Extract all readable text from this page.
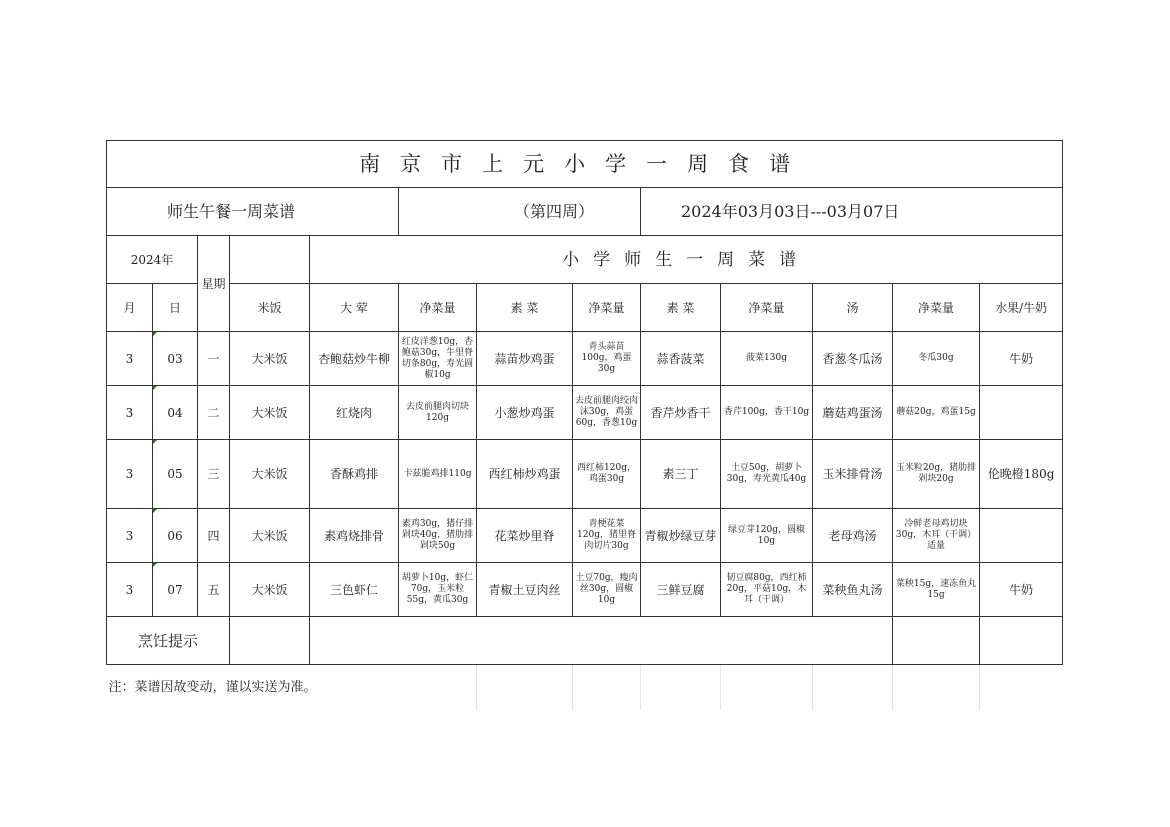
南京市上元小学一周食谱												
师生午餐一周菜谱					（第四周）			2024年03月03日---03月07日				
2024年		星期		小学师生一周菜谱								
月	日		米饭	大 荤	净菜量	素 菜	净菜量	素 菜	净菜量	汤	净菜量	水果/牛奶
3	03	一	大米饭	杏鲍菇炒牛柳	红皮洋葱10g，杏鲍菇30g，牛里脊切条80g，寿光圆椒10g	蒜苗炒鸡蛋	青头蒜苗100g，鸡蛋30g	蒜香菠菜	菠菜130g	香葱冬瓜汤	冬瓜30g	牛奶
3	04	二	大米饭	红烧肉	去皮前腿肉切块120g	小葱炒鸡蛋	去皮前腿肉绞肉沫30g，鸡蛋60g，香葱10g	香芹炒香干	香芹100g，香干10g	蘑菇鸡蛋汤	蘑菇20g，鸡蛋15g	
3	05	三	大米饭	香酥鸡排	卡兹脆鸡排110g	西红柿炒鸡蛋	西红柿120g，鸡蛋30g	素三丁	土豆50g，胡萝卜30g，寿光黄瓜40g	玉米排骨汤	玉米粒20g，猪肋排剁块20g	伦晚橙180g
3	06	四	大米饭	素鸡烧排骨	素鸡30g，猪仔排剁块40g，猪肋排剁块50g	花菜炒里脊	青梗花菜120g，猪里脊肉切片30g	青椒炒绿豆芽	绿豆芽120g，圆椒10g	老母鸡汤	冷鲜老母鸡切块30g，木耳（干调）适量	
3	07	五	大米饭	三色虾仁	胡萝卜10g，虾仁70g，玉米粒55g，黄瓜30g	青椒土豆肉丝	土豆70g，瘦肉丝30g，圆椒10g	三鲜豆腐	韧豆腐80g，西红柿20g，平菇10g，木耳（干调）	菜秧鱼丸汤	菜秧15g，速冻鱼丸15g	牛奶
烹饪提示												
注：菜谱因故变动，谨以实送为准。												
